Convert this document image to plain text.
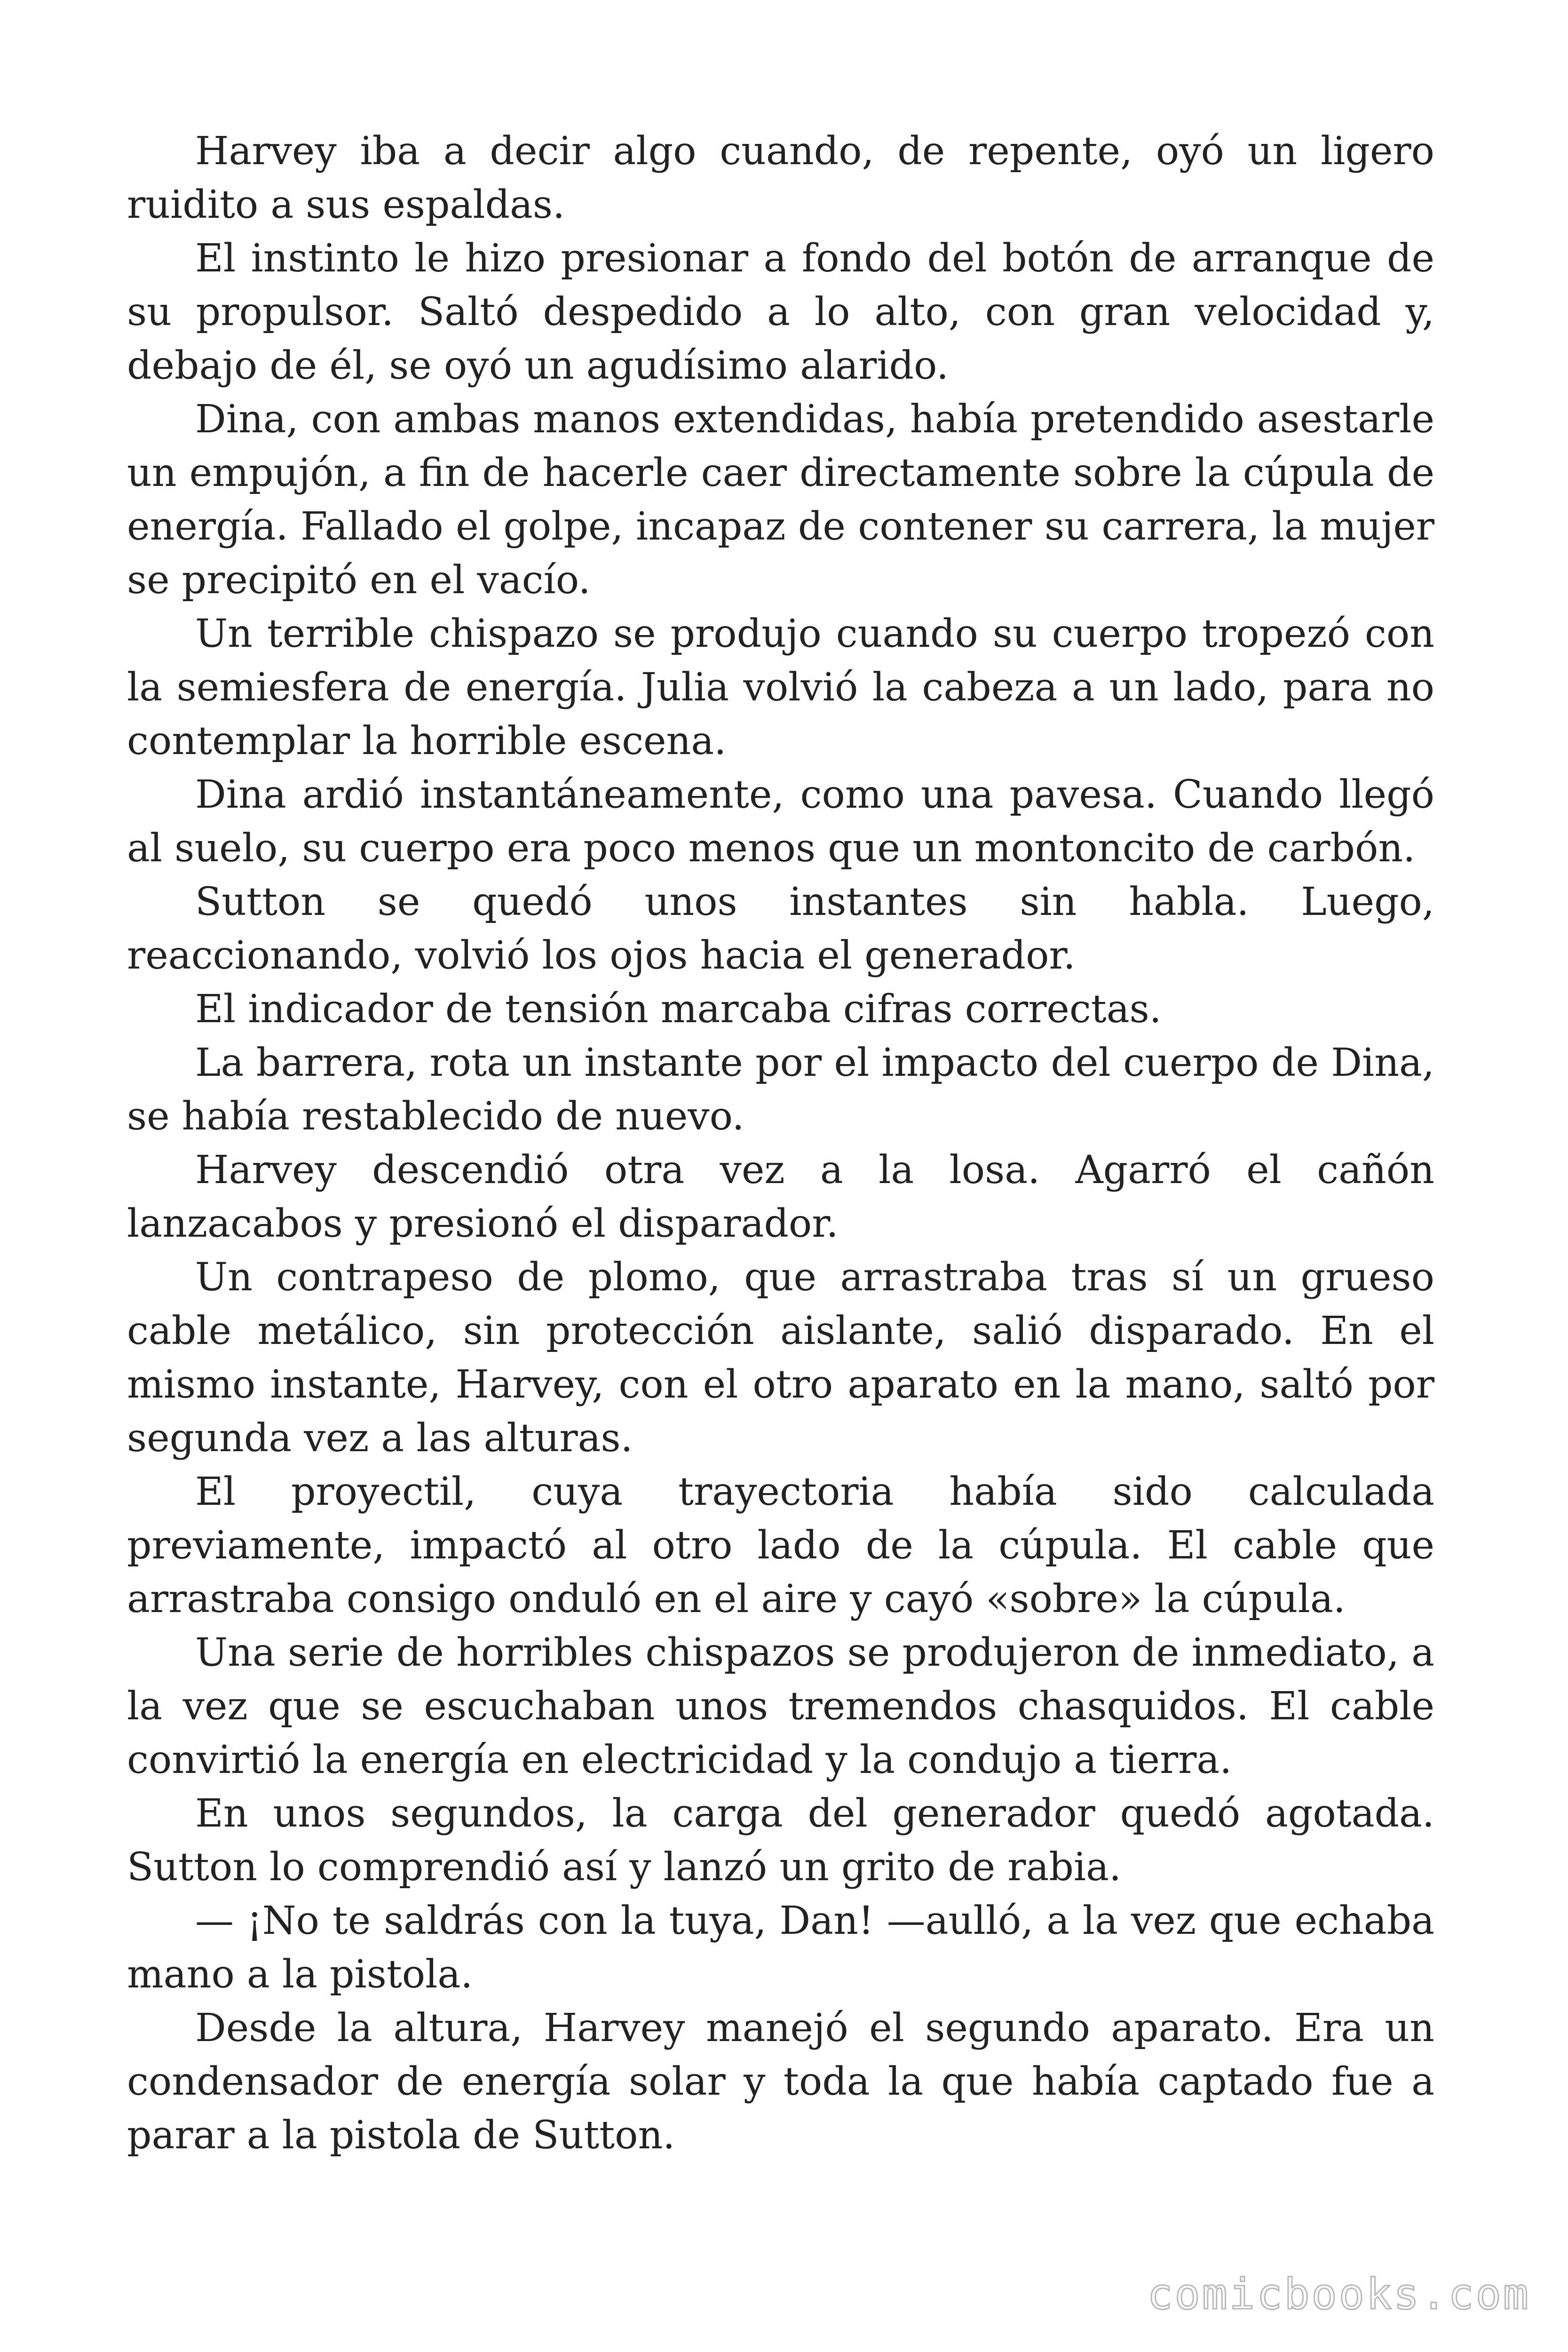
Harvey iba a decir algo cuando, de repente, oyó un ligero ruidito a sus espaldas.

El instinto le hizo presionar a fondo del botón de arranque de su propulsor. Saltó despedido a lo alto, con gran velocidad y, debajo de él, se oyó un agudísimo alarido.

Dina, con ambas manos extendidas, había pretendido asestarle un empujón, a fin de hacerle caer directamente sobre la cúpula de energía. Fallado el golpe, incapaz de contener su carrera, la mujer se precipitó en el vacío.

Un terrible chispazo se produjo cuando su cuerpo tropezó con la semiesfera de energía. Julia volvió la cabeza a un lado, para no contemplar la horrible escena.

Dina ardió instantáneamente, como una pavesa. Cuando llegó al suelo, su cuerpo era poco menos que un montoncito de carbón.

Sutton se quedó unos instantes sin habla. Luego, reaccionando, volvió los ojos hacia el generador.

El indicador de tensión marcaba cifras correctas.

La barrera, rota un instante por el impacto del cuerpo de Dina, se había restablecido de nuevo.

Harvey descendió otra vez a la losa. Agarró el cañón lanzacabos y presionó el disparador.

Un contrapeso de plomo, que arrastraba tras sí un grueso cable metálico, sin protección aislante, salió disparado. En el mismo instante, Harvey, con el otro aparato en la mano, saltó por segunda vez a las alturas.

El proyectil, cuya trayectoria había sido calculada previamente, impactó al otro lado de la cúpula. El cable que arrastraba consigo onduló en el aire y cayó «sobre» la cúpula.

Una serie de horribles chispazos se produjeron de inmediato, a la vez que se escuchaban unos tremendos chasquidos. El cable convirtió la energía en electricidad y la condujo a tierra.

En unos segundos, la carga del generador quedó agotada. Sutton lo comprendió así y lanzó un grito de rabia.

— ¡No te saldrás con la tuya, Dan! —aulló, a la vez que echaba mano a la pistola.

Desde la altura, Harvey manejó el segundo aparato. Era un condensador de energía solar y toda la que había captado fue a parar a la pistola de Sutton.

comicbooks.com
